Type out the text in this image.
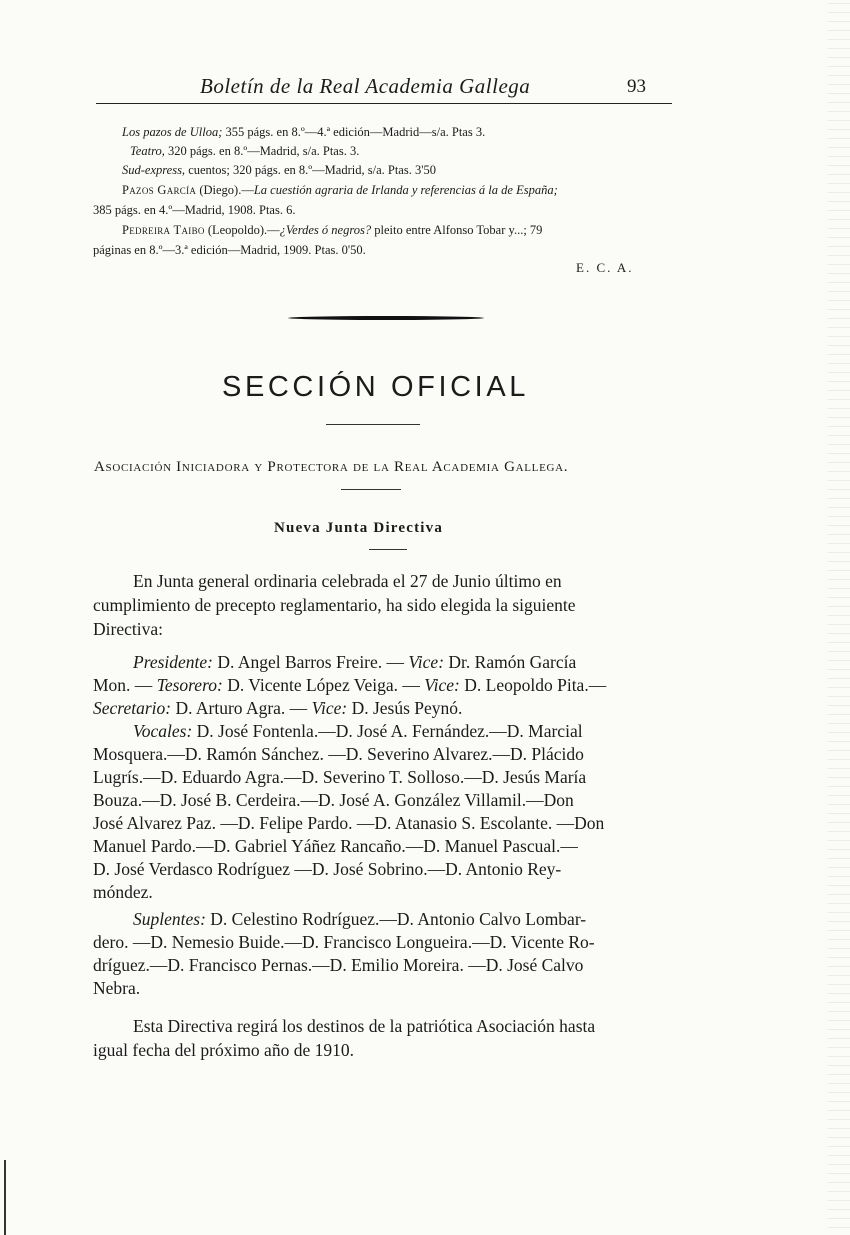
Boletín de la Real Academia Gallega	93
Los pazos de Ulloa; 355 págs. en 8.º—4.ª edición—Madrid—s/a. Ptas 3.
Teatro, 320 págs. en 8.º—Madrid, s/a. Ptas. 3.
Sud-express, cuentos; 320 págs. en 8.º—Madrid, s/a. Ptas. 3'50
Pazos García (Diego).—La cuestión agraria de Irlanda y referencias á la de España;
385 págs. en 4.º—Madrid, 1908. Ptas. 6.
Pedreira Taibo (Leopoldo).—¿Verdes ó negros? pleito entre Alfonso Tobar y...; 79
páginas en 8.º—3.ª edición—Madrid, 1909. Ptas. 0'50.
E. C. A.
SECCIÓN OFICIAL
Asociación Iniciadora y Protectora de la Real Academia Gallega.
Nueva Junta Directiva
En Junta general ordinaria celebrada el 27 de Junio último en
cumplimiento de precepto reglamentario, ha sido elegida la siguiente
Directiva:
Presidente: D. Angel Barros Freire. — Vice: Dr. Ramón García
Mon. — Tesorero: D. Vicente López Veiga. — Vice: D. Leopoldo Pita.—
Secretario: D. Arturo Agra. — Vice: D. Jesús Peynó.
Vocales: D. José Fontenla.—D. José A. Fernández.—D. Marcial
Mosquera.—D. Ramón Sánchez. —D. Severino Alvarez.—D. Plácido
Lugrís.—D. Eduardo Agra.—D. Severino T. Solloso.—D. Jesús María
Bouza.—D. José B. Cerdeira.—D. José A. González Villamil.—Don
José Alvarez Paz. —D. Felipe Pardo. —D. Atanasio S. Escolante. —Don
Manuel Pardo.—D. Gabriel Yáñez Rancaño.—D. Manuel Pascual.—
D. José Verdasco Rodríguez —D. José Sobrino.—D. Antonio Rey-
móndez.
Suplentes: D. Celestino Rodríguez.—D. Antonio Calvo Lombar-
dero. —D. Nemesio Buide.—D. Francisco Longueira.—D. Vicente Ro-
dríguez.—D. Francisco Pernas.—D. Emilio Moreira. —D. José Calvo
Nebra.
Esta Directiva regirá los destinos de la patriótica Asociación hasta
igual fecha del próximo año de 1910.
